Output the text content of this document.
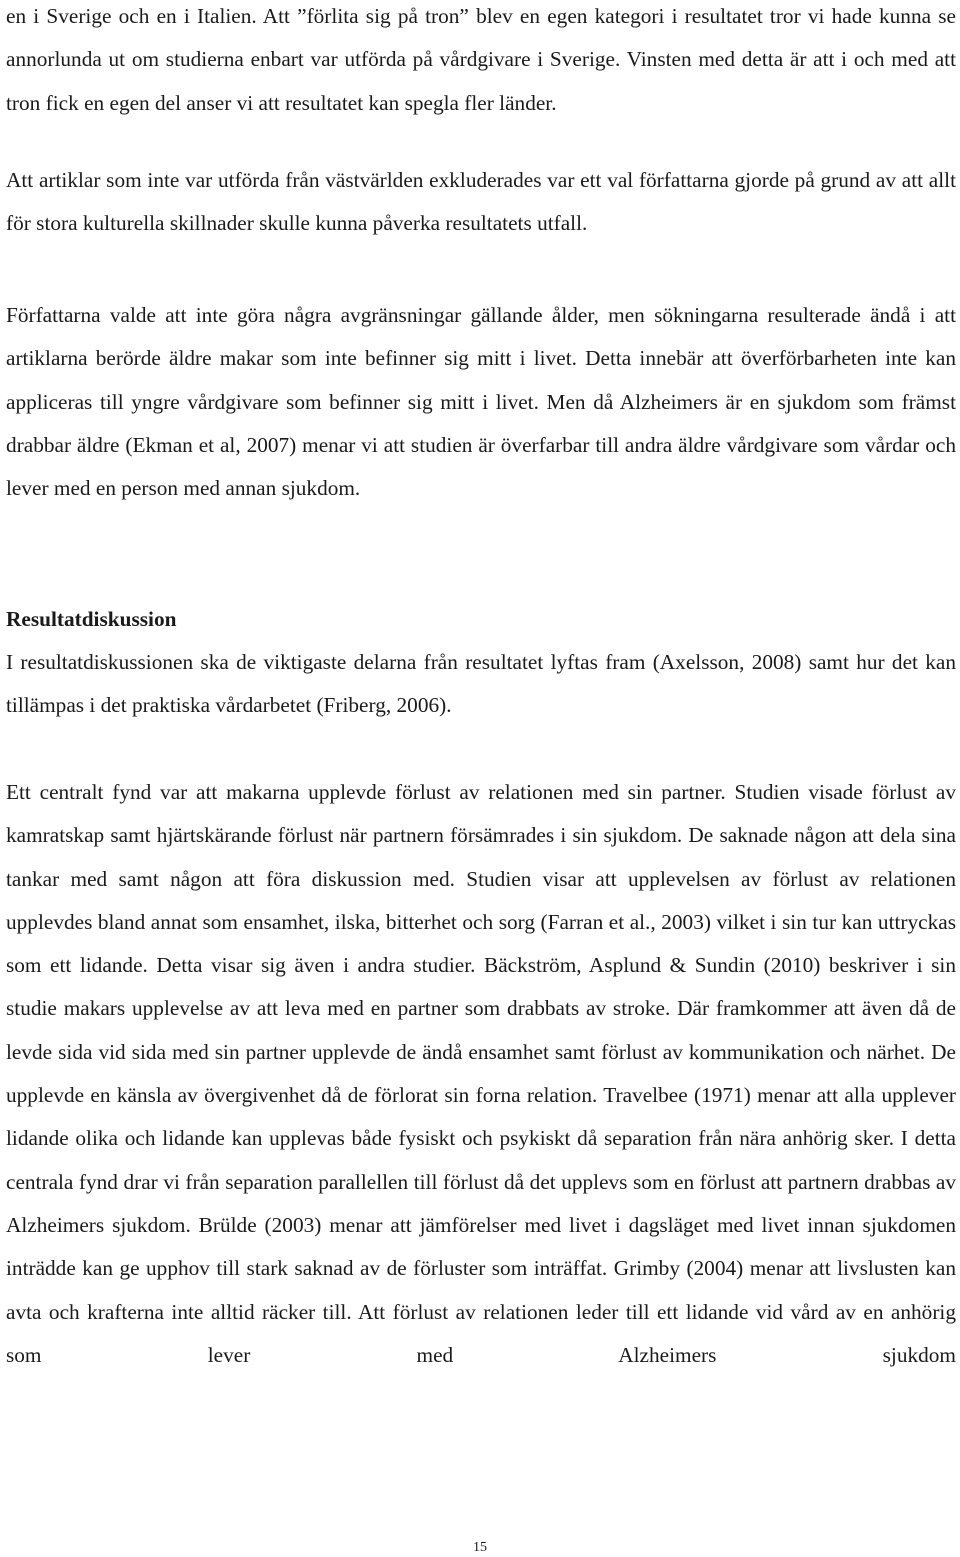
en i Sverige och en i Italien. Att ”förlita sig på tron” blev en egen kategori i resultatet tror vi hade kunna se annorlunda ut om studierna enbart var utförda på vårdgivare i Sverige. Vinsten med detta är att i och med att tron fick en egen del anser vi att resultatet kan spegla fler länder.

Att artiklar som inte var utförda från västvärlden exkluderades var ett val författarna gjorde på grund av att allt för stora kulturella skillnader skulle kunna påverka resultatets utfall.

Författarna valde att inte göra några avgränsningar gällande ålder, men sökningarna resulterade ändå i att artiklarna berörde äldre makar som inte befinner sig mitt i livet. Detta innebär att överförbarheten inte kan appliceras till yngre vårdgivare som befinner sig mitt i livet. Men då Alzheimers är en sjukdom som främst drabbar äldre (Ekman et al, 2007) menar vi att studien är överfarbar till andra äldre vårdgivare som vårdar och lever med en person med annan sjukdom.

Resultatdiskussion

I resultatdiskussionen ska de viktigaste delarna från resultatet lyftas fram (Axelsson, 2008) samt hur det kan tillämpas i det praktiska vårdarbetet (Friberg, 2006).

Ett centralt fynd var att makarna upplevde förlust av relationen med sin partner. Studien visade förlust av kamratskap samt hjärtskärande förlust när partnern försämrades i sin sjukdom. De saknade någon att dela sina tankar med samt någon att föra diskussion med. Studien visar att upplevelsen av förlust av relationen upplevdes bland annat som ensamhet, ilska, bitterhet och sorg (Farran et al., 2003) vilket i sin tur kan uttryckas som ett lidande. Detta visar sig även i andra studier. Bäckström, Asplund & Sundin (2010) beskriver i sin studie makars upplevelse av att leva med en partner som drabbats av stroke. Där framkommer att även då de levde sida vid sida med sin partner upplevde de ändå ensamhet samt förlust av kommunikation och närhet. De upplevde en känsla av övergivenhet då de förlorat sin forna relation. Travelbee (1971) menar att alla upplever lidande olika och lidande kan upplevas både fysiskt och psykiskt då separation från nära anhörig sker. I detta centrala fynd drar vi från separation parallellen till förlust då det upplevs som en förlust att partnern drabbas av Alzheimers sjukdom. Brülde (2003) menar att jämförelser med livet i dagsläget med livet innan sjukdomen inträdde kan ge upphov till stark saknad av de förluster som inträffat. Grimby (2004) menar att livslusten kan avta och krafterna inte alltid räcker till. Att förlust av relationen leder till ett lidande vid vård av en anhörig som lever med Alzheimers sjukdom

15
